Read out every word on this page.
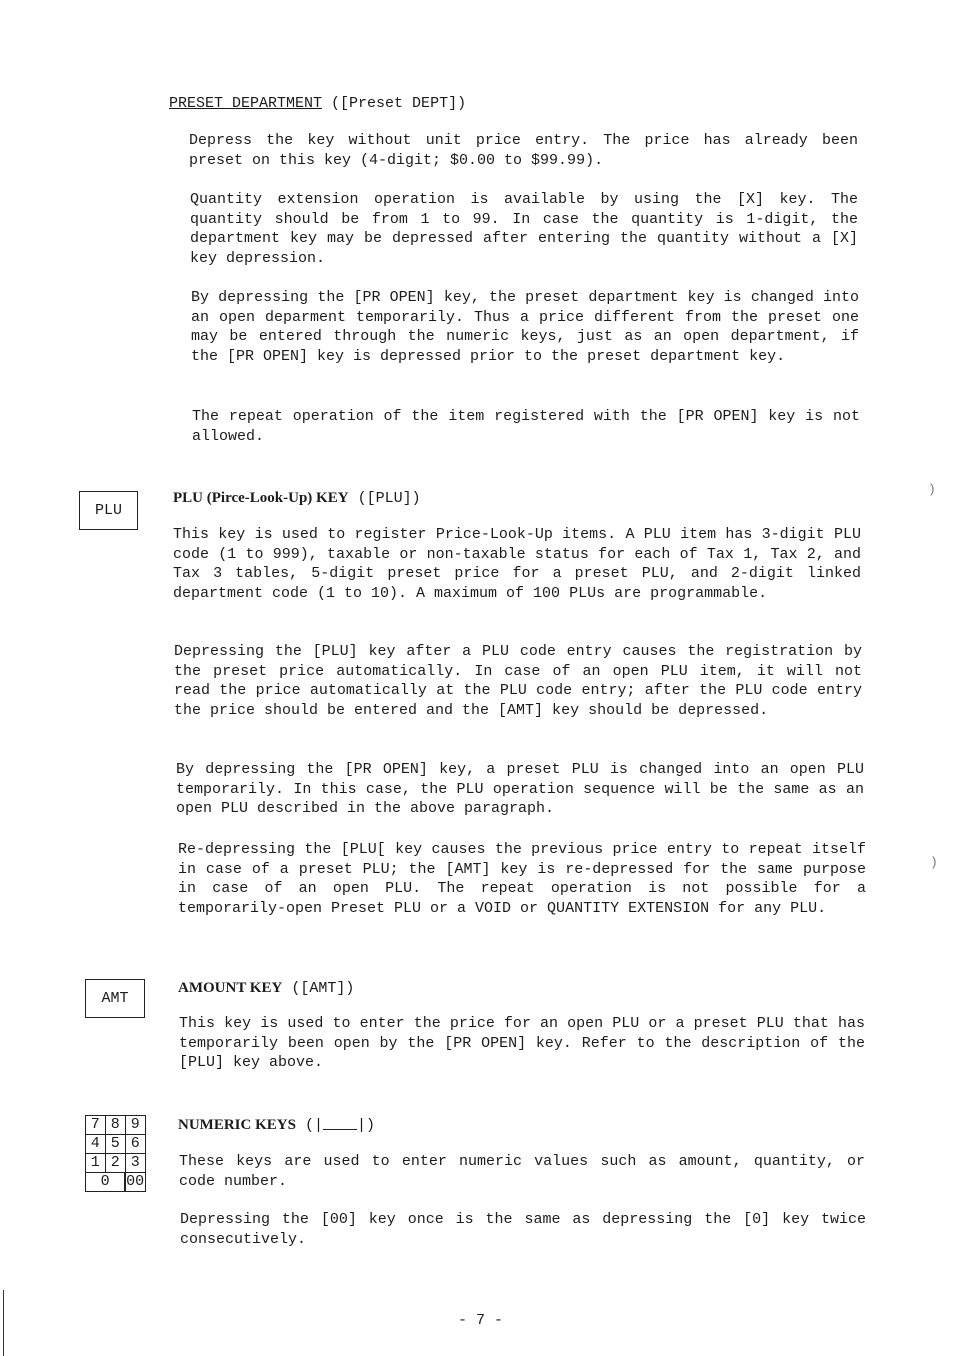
)
)
PRESET DEPARTMENT ([Preset DEPT])

Depress the key without unit price entry. The price has already been preset on this key (4-digit; $0.00 to $99.99).

Quantity extension operation is available by using the [X] key. The quantity should be from 1 to 99. In case the quantity is 1-digit, the department key may be depressed after entering the quantity without a [X] key depression.

By depressing the [PR OPEN] key, the preset department key is changed into an open deparment temporarily. Thus a price different from the preset one may be entered through the numeric keys, just as an open department, if the [PR OPEN] key is depressed prior to the preset department key.

The repeat operation of the item registered with the [PR OPEN] key is not allowed.

PLU
PLU (Pirce-Look-Up) KEY ([PLU])

This key is used to register Price-Look-Up items. A PLU item has 3-digit PLU code (1 to 999), taxable or non-taxable status for each of Tax 1, Tax 2, and Tax 3 tables, 5-digit preset price for a preset PLU, and 2-digit linked department code (1 to 10). A maximum of 100 PLUs are programmable.

Depressing the [PLU] key after a PLU code entry causes the registration by the preset price automatically. In case of an open PLU item, it will not read the price automatically at the PLU code entry; after the PLU code entry the price should be entered and the [AMT] key should be depressed.

By depressing the [PR OPEN] key, a preset PLU is changed into an open PLU temporarily. In this case, the PLU operation sequence will be the same as an open PLU described in the above paragraph.

Re-depressing the [PLU[ key causes the previous price entry to repeat itself in case of a preset PLU; the [AMT] key is re-depressed for the same purpose in case of an open PLU. The repeat operation is not possible for a temporarily-open Preset PLU or a VOID or QUANTITY EXTENSION for any PLU.

AMT
AMOUNT KEY ([AMT])

This key is used to enter the price for an open PLU or a preset PLU that has temporarily been open by the [PR OPEN] key. Refer to the description of the [PLU] key above.

7 8 9
4 5 6
1 2 3
0	00
NUMERIC KEYS (| |)

These keys are used to enter numeric values such as amount, quantity, or code number.

Depressing the [00] key once is the same as depressing the [0] key twice consecutively.

- 7 -
